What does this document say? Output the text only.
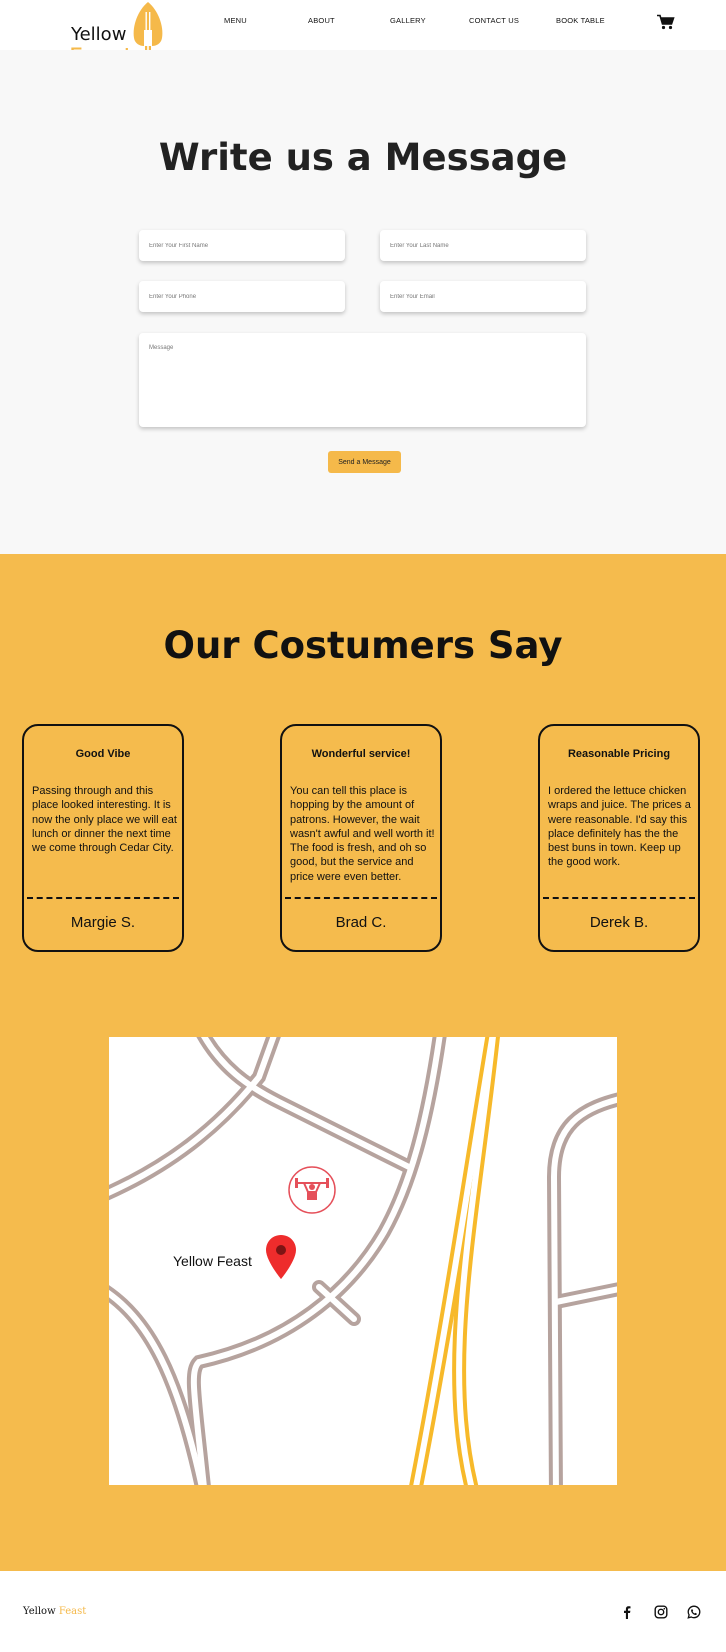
Yellow
MENU	ABOUT	GALLERY	CONTACT US	BOOK TABLE
Write us a Message
Enter Your First Name
Enter Your Last Name
Enter Your Phone
Enter Your Email
Message
Send a Message
Our Costumers Say
Good Vibe
Passing through and this place looked interesting. It is now the only place we will eat lunch or dinner the next time we come through Cedar City.
Margie S.
Wonderful service!
You can tell this place is hopping by the amount of patrons. However, the wait wasn't awful and well worth it! The food is fresh, and oh so good, but the service and price were even better.
Brad C.
Reasonable Pricing
I ordered the lettuce chicken wraps and juice. The prices a were reasonable. I'd say this place definitely has the the best buns in town. Keep up the good work.
Derek B.
Yellow Feast
Yellow Feast
